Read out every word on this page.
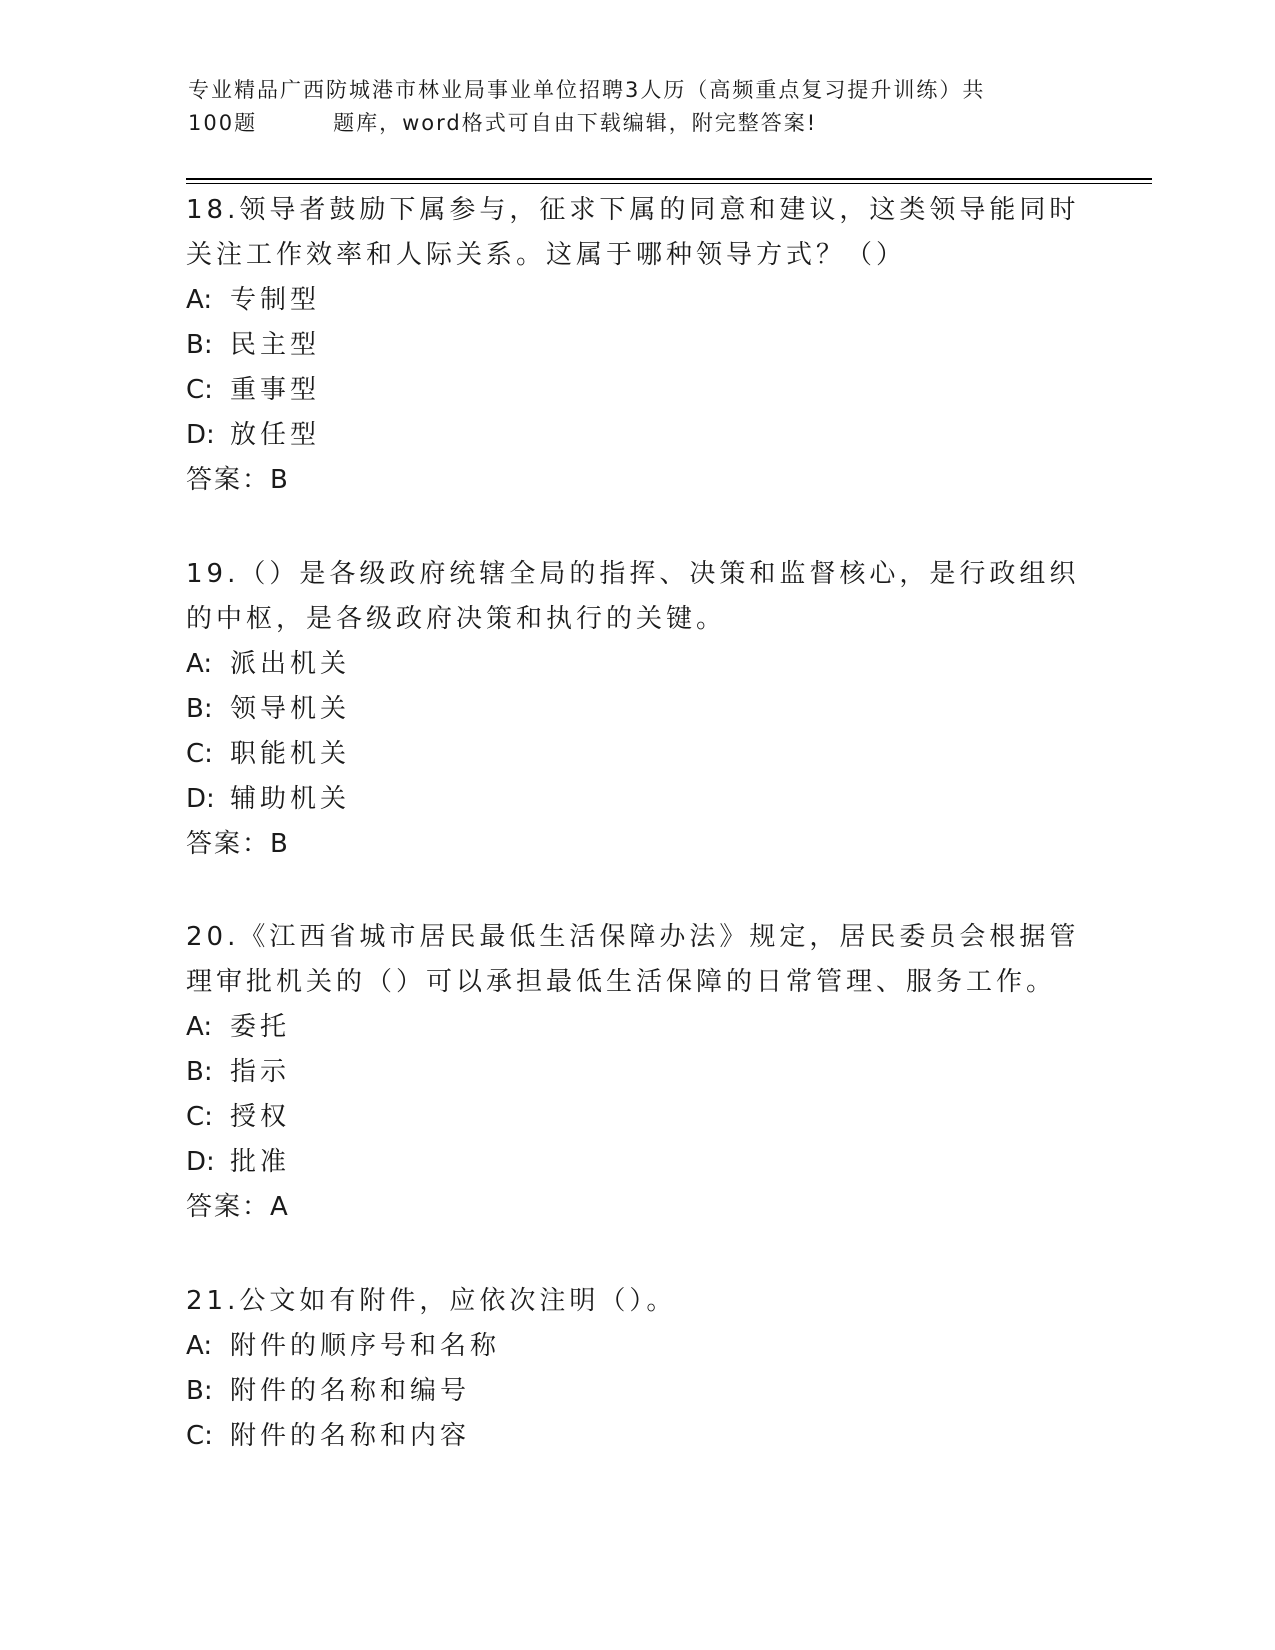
专业精品广西防城港市林业局事业单位招聘3人历（高频重点复习提升训练）共
100题	题库，word格式可自由下载编辑，附完整答案!
18.领导者鼓励下属参与，征求下属的同意和建议，这类领导能同时关注工作效率和人际关系。这属于哪种领导方式？（）
A: 专制型
B: 民主型
C: 重事型
D: 放任型
答案：B
19.（）是各级政府统辖全局的指挥、决策和监督核心，是行政组织的中枢，是各级政府决策和执行的关键。
A: 派出机关
B: 领导机关
C: 职能机关
D: 辅助机关
答案：B
20.《江西省城市居民最低生活保障办法》规定，居民委员会根据管理审批机关的（）可以承担最低生活保障的日常管理、服务工作。
A: 委托
B: 指示
C: 授权
D: 批准
答案：A
21.公文如有附件，应依次注明（）。
A: 附件的顺序号和名称
B: 附件的名称和编号
C: 附件的名称和内容
